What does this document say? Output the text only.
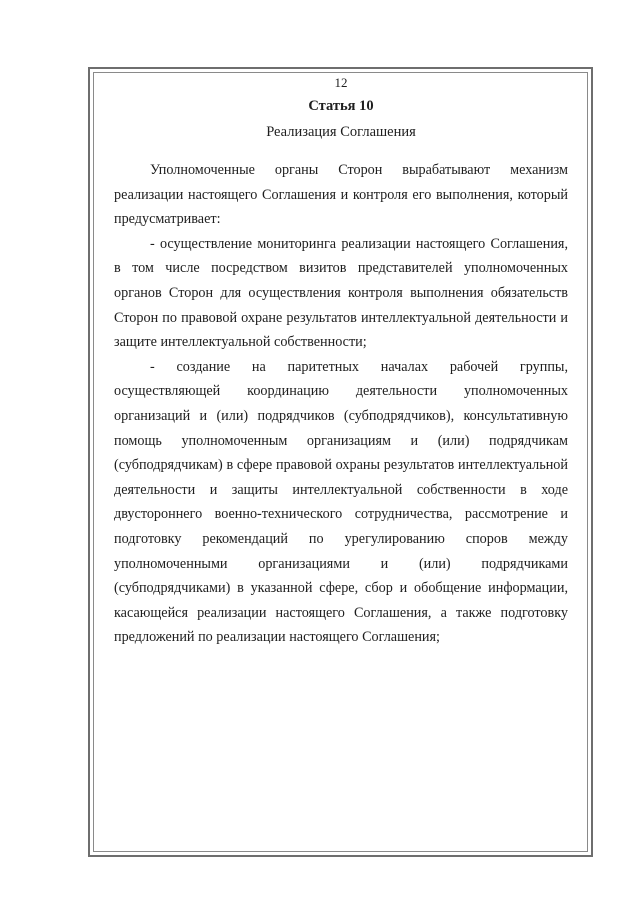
12
Статья 10
Реализация Соглашения

Уполномоченные органы Сторон вырабатывают механизм реализации настоящего Соглашения и контроля его выполнения, который предусматривает:

- осуществление мониторинга реализации настоящего Соглашения, в том числе посредством визитов представителей уполномоченных органов Сторон для осуществления контроля выполнения обязательств Сторон по правовой охране результатов интеллектуальной деятельности и защите интеллектуальной собственности;

- создание на паритетных началах рабочей группы, осуществляющей координацию деятельности уполномоченных организаций и (или) подрядчиков (субподрядчиков), консультативную помощь уполномоченным организациям и (или) подрядчикам (субподрядчикам) в сфере правовой охраны результатов интеллектуальной деятельности и защиты интеллектуальной собственности в ходе двустороннего военно-технического сотрудничества, рассмотрение и подготовку рекомендаций по урегулированию споров между уполномоченными организациями и (или) подрядчиками (субподрядчиками) в указанной сфере, сбор и обобщение информации, касающейся реализации настоящего Соглашения, а также подготовку предложений по реализации настоящего Соглашения;
